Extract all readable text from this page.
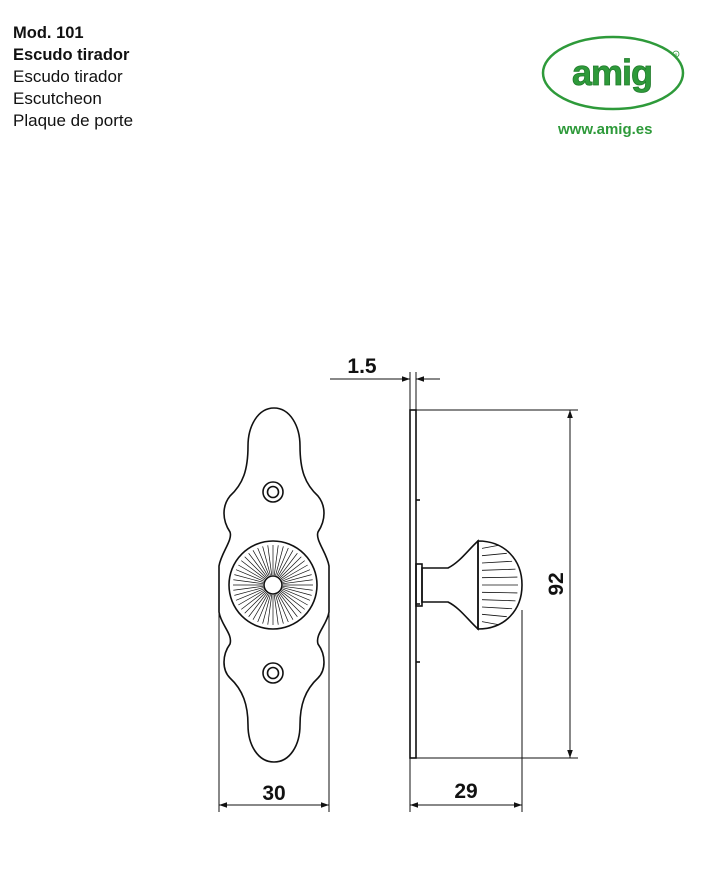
Mod. 101
Escudo tirador
Escudo tirador
Escutcheon
Plaque de porte
amig	R
www.amig.es
1.5
92
30	29
